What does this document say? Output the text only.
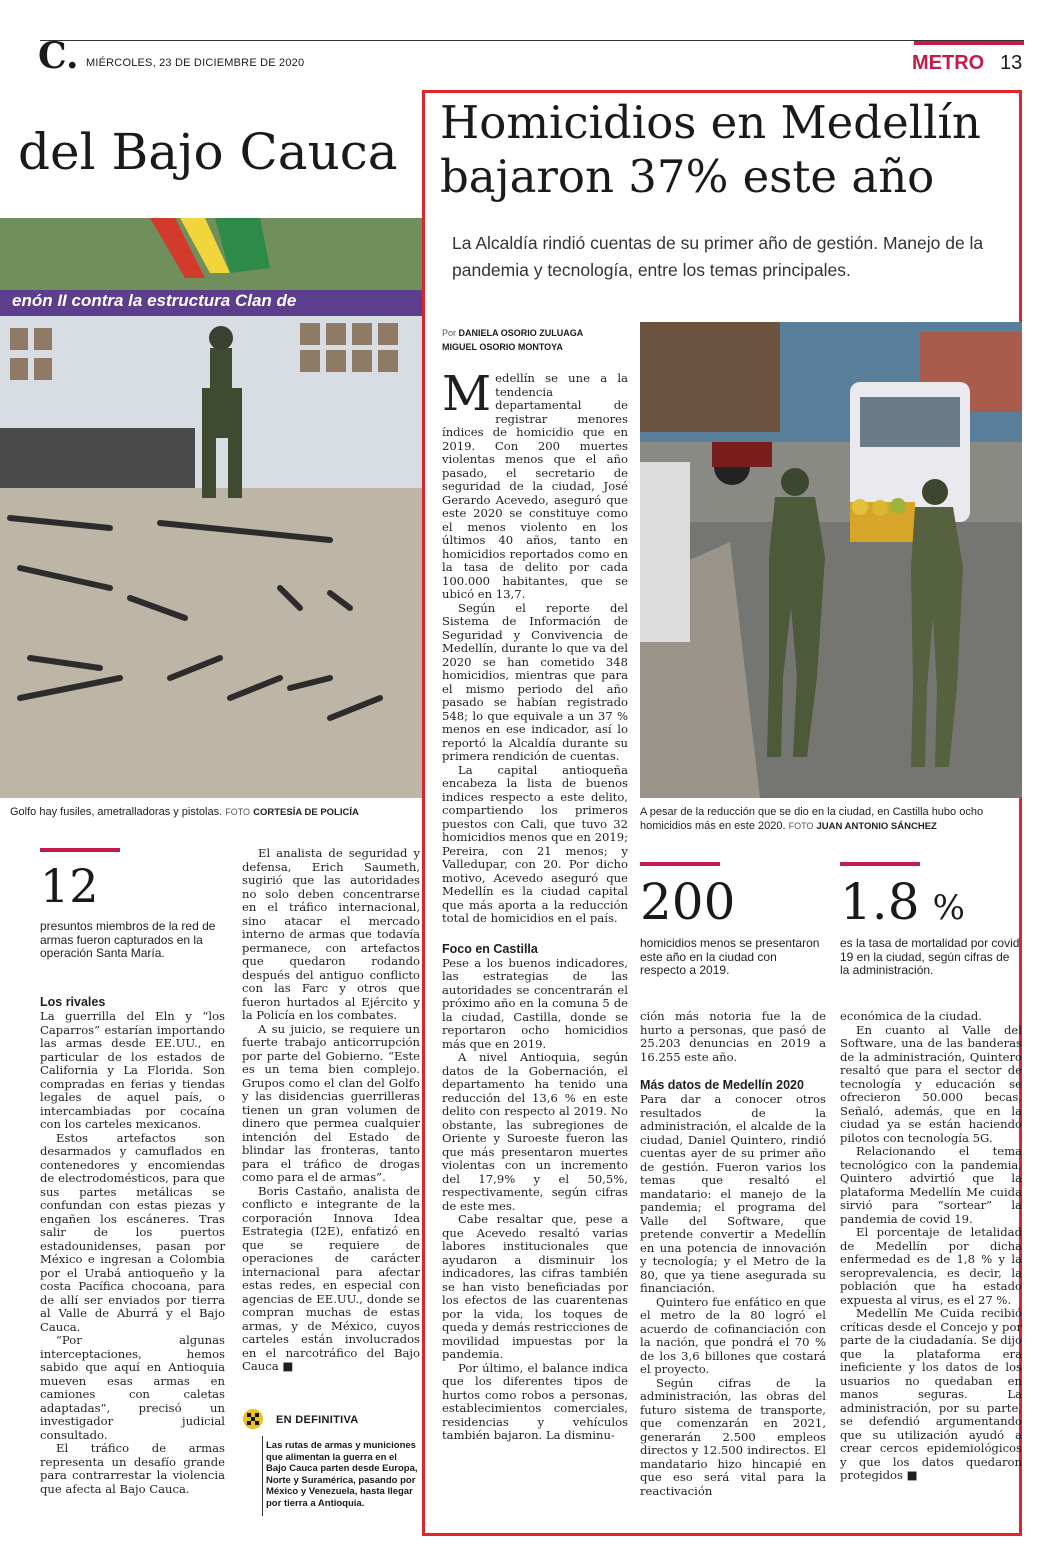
C. MIÉRCOLES, 23 DE DICIEMBRE DE 2020	METRO 13
del Bajo Cauca
enón II contra la estructura Clan de
Golfo hay fusiles, ametralladoras y pistolas. FOTO CORTESÍA DE POLICÍA
12
presuntos miembros de la red de armas fueron capturados en la operación Santa María.
Los rivales

La guerrilla del Eln y “los Caparros” estarían importando las armas desde EE.UU., en particular de los estados de California y La Florida. Son compradas en ferias y tiendas legales de aquel país, o intercambiadas por cocaína con los carteles mexicanos.

Estos artefactos son desarmados y camuflados en contenedores y encomiendas de electrodomésticos, para que sus partes metálicas se confundan con estas piezas y engañen los escáneres. Tras salir de los puertos estadounidenses, pasan por México e ingresan a Colombia por el Urabá antioqueño y la costa Pacífica chocoana, para de allí ser enviados por tierra al Valle de Aburrá y el Bajo Cauca.

“Por algunas interceptaciones, hemos sabido que aquí en Antioquia mueven esas armas en camiones con caletas adaptadas”, precisó un investigador judicial consultado.

El tráfico de armas representa un desafío grande para contrarrestar la violencia que afecta al Bajo Cauca.

El analista de seguridad y defensa, Erich Saumeth, sugirió que las autoridades no solo deben concentrarse en el tráfico internacional, sino atacar el mercado interno de armas que todavía permanece, con artefactos que quedaron rodando después del antiguo conflicto con las Farc y otros que fueron hurtados al Ejército y la Policía en los combates.

A su juicio, se requiere un fuerte trabajo anticorrupción por parte del Gobierno. “Este es un tema bien complejo. Grupos como el clan del Golfo y las disidencias guerrilleras tienen un gran volumen de dinero que permea cualquier intención del Estado de blindar las fronteras, tanto para el tráfico de drogas como para el de armas”.

Boris Castaño, analista de conflicto e integrante de la corporación Innova Idea Estrategia (I2E), enfatizó en que se requiere de operaciones de carácter internacional para afectar estas redes, en especial con agencias de EE.UU., donde se compran muchas de estas armas, y de México, cuyos carteles están involucrados en el narcotráfico del Bajo Cauca ■

EN DEFINITIVA
Las rutas de armas y municiones que alimentan la guerra en el Bajo Cauca parten desde Europa, Norte y Suramérica, pasando por México y Venezuela, hasta llegar por tierra a Antioquia.
Homicidios en Medellín
bajaron 37% este año
La Alcaldía rindió cuentas de su primer año de gestión. Manejo de la pandemia y tecnología, entre los temas principales.
Por DANIELA OSORIO ZULUAGA
MIGUEL OSORIO MONTOYA

Medellín se une a la tendencia departamental de registrar menores índices de homicidio que en 2019. Con 200 muertes violentas menos que el año pasado, el secretario de seguridad de la ciudad, José Gerardo Acevedo, aseguró que este 2020 se constituye como el menos violento en los últimos 40 años, tanto en homicidios reportados como en la tasa de delito por cada 100.000 habitantes, que se ubicó en 13,7.

Según el reporte del Sistema de Información de Seguridad y Convivencia de Medellín, durante lo que va del 2020 se han cometido 348 homicidios, mientras que para el mismo periodo del año pasado se habían registrado 548; lo que equivale a un 37 % menos en ese indicador, así lo reportó la Alcaldía durante su primera rendición de cuentas.

La capital antioqueña encabeza la lista de buenos indices respecto a este delito, compartiendo los primeros puestos con Cali, que tuvo 32 homicidios menos que en 2019; Pereira, con 21 menos; y Valledupar, con 20. Por dicho motivo, Acevedo aseguró que Medellín es la ciudad capital que más aporta a la reducción total de homicidios en el país.

Foco en Castilla

Pese a los buenos indicadores, las estrategias de las autoridades se concentrarán el próximo año en la comuna 5 de la ciudad, Castilla, donde se reportaron ocho homicidios más que en 2019.

A nivel Antioquia, según datos de la Gobernación, el departamento ha tenido una reducción del 13,6 % en este delito con respecto al 2019. No obstante, las subregiones de Oriente y Suroeste fueron las que más presentaron muertes violentas con un incremento del 17,9% y el 50,5%, respectivamente, según cifras de este mes.

Cabe resaltar que, pese a que Acevedo resaltó varias labores institucionales que ayudaron a disminuir los indicadores, las cifras también se han visto beneficiadas por los efectos de las cuarentenas por la vida, los toques de queda y demás restricciones de movilidad impuestas por la pandemia.

Por último, el balance indica que los diferentes tipos de hurtos como robos a personas, establecimientos comerciales, residencias y vehículos también bajaron. La disminu-

A pesar de la reducción que se dio en la ciudad, en Castilla hubo ocho homicidios más en este 2020. FOTO JUAN ANTONIO SÁNCHEZ
200
homicidios menos se presentaron este año en la ciudad con respecto a 2019.
1.8 %
es la tasa de mortalidad por covid 19 en la ciudad, según cifras de la administración.

ción más notoria fue la de hurto a personas, que pasó de 25.203 denuncias en 2019 a 16.255 este año.

Más datos de Medellín 2020

Para dar a conocer otros resultados de la administración, el alcalde de la ciudad, Daniel Quintero, rindió cuentas ayer de su primer año de gestión. Fueron varios los temas que resaltó el mandatario: el manejo de la pandemia; el programa del Valle del Software, que pretende convertir a Medellín en una potencia de innovación y tecnología; y el Metro de la 80, que ya tiene asegurada su financiación.

Quintero fue enfático en que el metro de la 80 logró el acuerdo de cofinanciación con la nación, que pondrá el 70 % de los 3,6 billones que costará el proyecto.

Según cifras de la administración, las obras del futuro sistema de transporte, que comenzarán en 2021, generarán 2.500 empleos directos y 12.500 indirectos. El mandatario hizo hincapié en que eso será vital para la reactivación

económica de la ciudad.

En cuanto al Valle del Software, una de las banderas de la administración, Quintero resaltó que para el sector de tecnología y educación se ofrecieron 50.000 becas. Señaló, además, que en la ciudad ya se están haciendo pilotos con tecnología 5G.

Relacionando el tema tecnológico con la pandemia, Quintero advirtió que la plataforma Medellín Me cuida sirvió para “sortear” la pandemia de covid 19.

El porcentaje de letalidad de Medellín por dicha enfermedad es de 1,8 % y la seroprevalencia, es decir, la población que ha estado expuesta al virus, es el 27 %.

Medellín Me Cuida recibió críticas desde el Concejo y por parte de la ciudadanía. Se dijo que la plataforma era ineficiente y los datos de los usuarios no quedaban en manos seguras. La administración, por su parte, se defendió argumentando que su utilización ayudó a crear cercos epidemiológicos y que los datos quedaron protegidos ■
